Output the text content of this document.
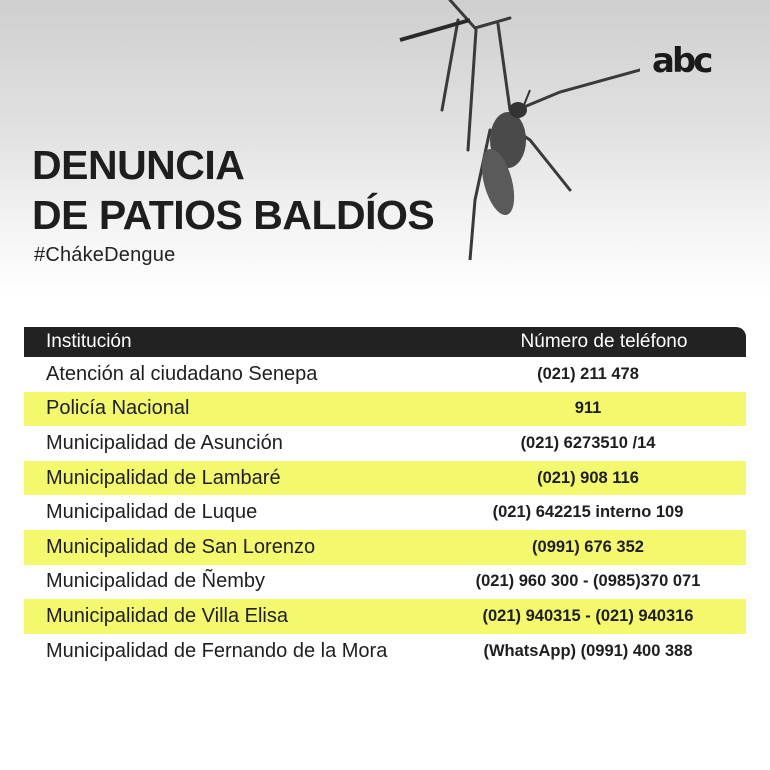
abc
DENUNCIA
DE PATIOS BALDÍOS
#ChákeDengue
Institución	Número de teléfono
Atención al ciudadano Senepa	(021) 211 478
Policía Nacional	911
Municipalidad de Asunción	(021) 6273510 /14
Municipalidad de Lambaré	(021) 908 116
Municipalidad de Luque	(021) 642215 interno 109
Municipalidad de San Lorenzo	(0991) 676 352
Municipalidad de Ñemby	(021) 960 300 - (0985)370 071
Municipalidad de Villa Elisa	(021) 940315 - (021) 940316
Municipalidad de Fernando de la Mora	(WhatsApp) (0991) 400 388
